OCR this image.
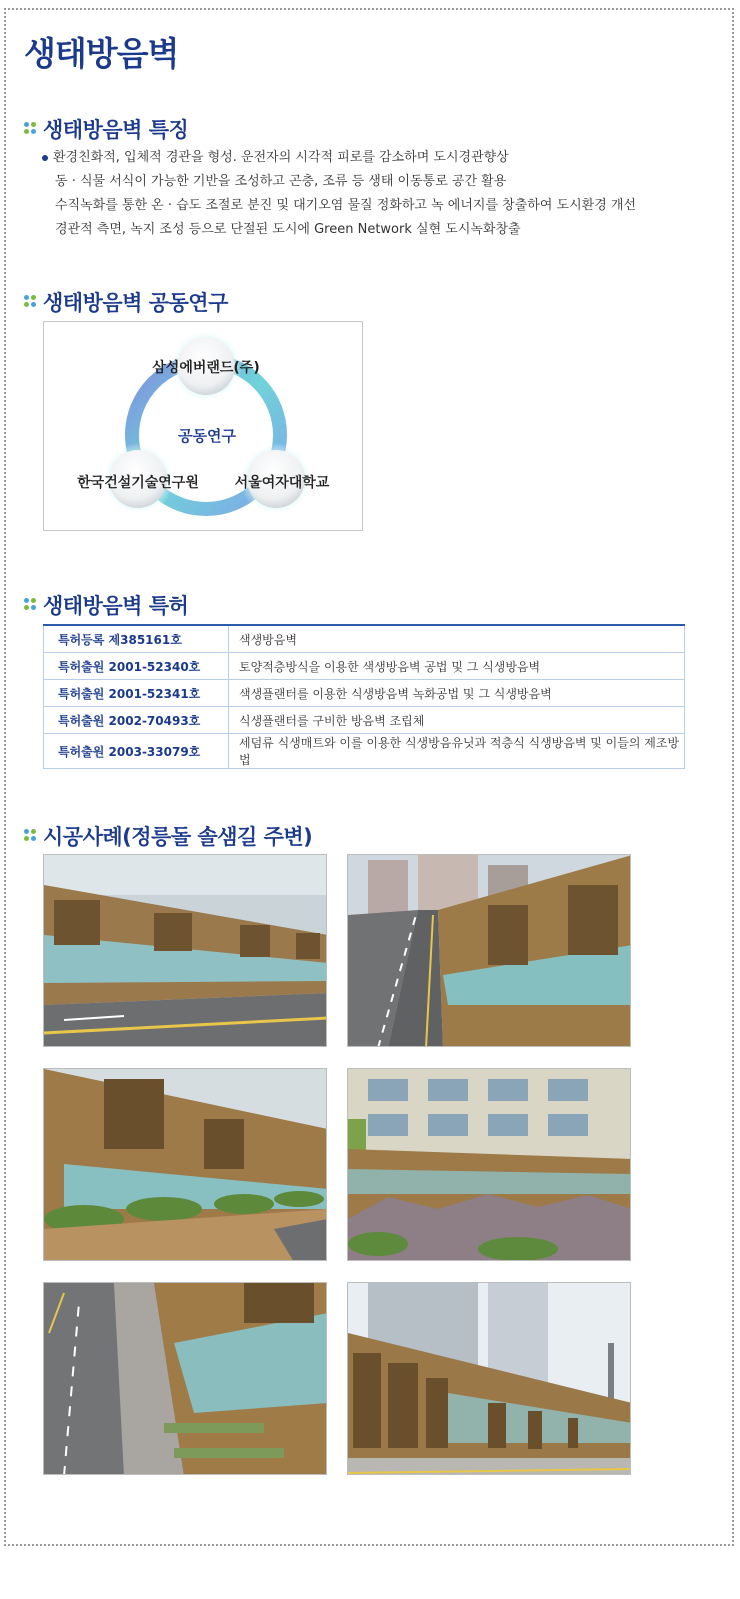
생태방음벽
생태방음벽 특징
환경친화적, 입체적 경관을 형성. 운전자의 시각적 피로를 감소하며 도시경관향상
동 · 식물 서식이 가능한 기반을 조성하고 곤충, 조류 등 생태 이동통로 공간 활용
수직녹화를 통한 온 · 습도 조절로 분진 및 대기오염 물질 정화하고 녹 에너지를 창출하여 도시환경 개선
경관적 측면, 녹지 조성 등으로 단절된 도시에 Green Network 실현 도시녹화창출
생태방음벽 공동연구
삼성에버랜드(주)
한국건설기술연구원	서울여자대학교
공동연구
생태방음벽 특허
특허등록 제385161호	색생방음벽
특허출원 2001-52340호	토양적층방식을 이용한 색생방음벽 공법 및 그 식생방음벽
특허출원 2001-52341호	색생플랜터를 이용한 식생방음벽 녹화공법 및 그 식생방음벽
특허출원 2002-70493호	식생플랜터를 구비한 방음벽 조립체
특허출원 2003-33079호	세덤류 식생매트와 이를 이용한 식생방음유닛과 적층식 식생방음벽 및 이들의 제조방법
시공사례(정릉돌 솔샘길 주변)
